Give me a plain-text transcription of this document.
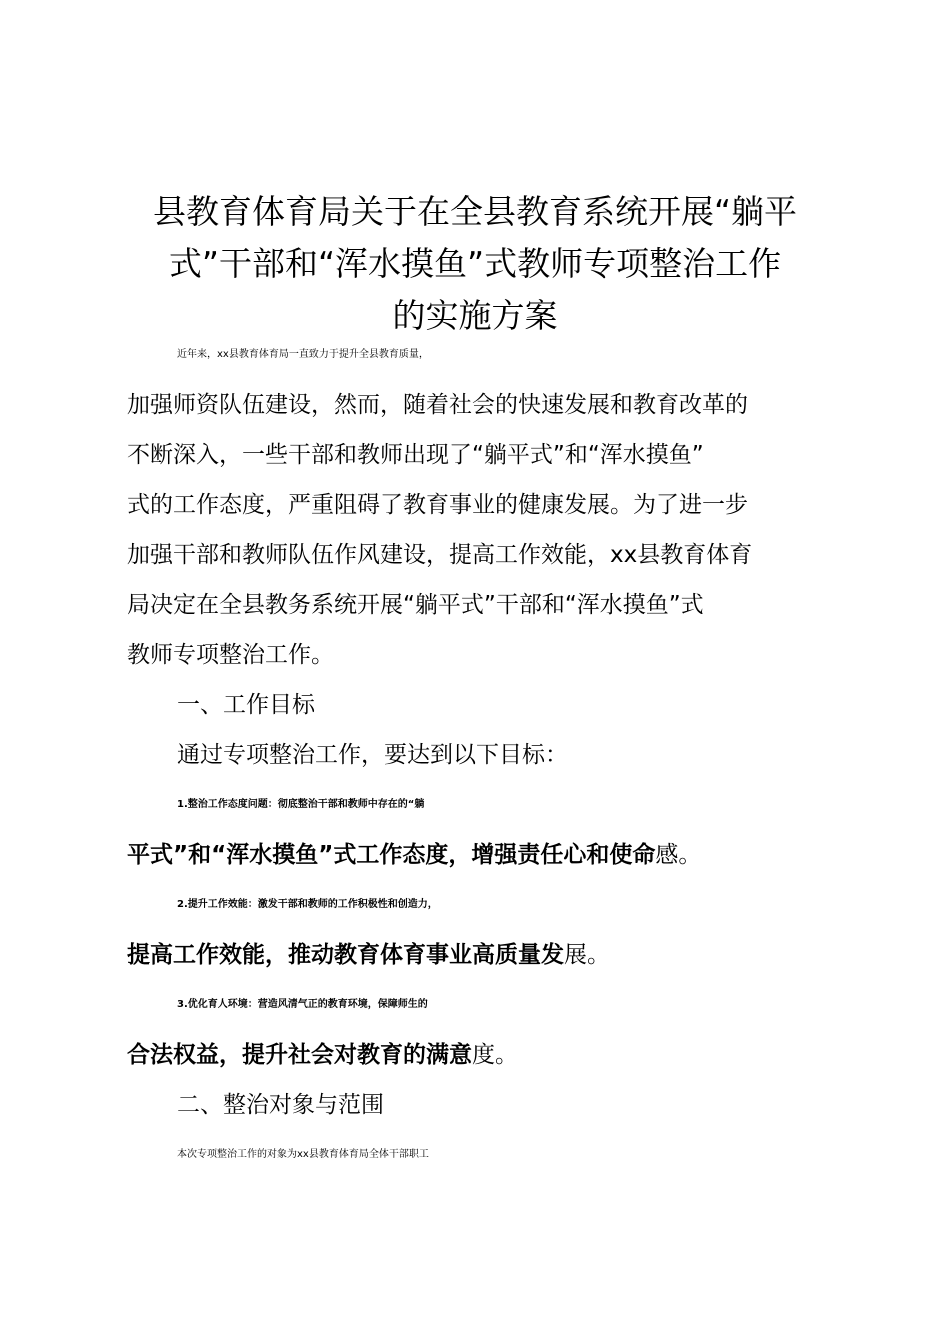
县教育体育局关于在全县教育系统开展“躺平
式”干部和“浑水摸鱼”式教师专项整治工作
的实施方案

近年来，xx县教育体育局一直致力于提升全县教育质量，
加强师资队伍建设，然而，随着社会的快速发展和教育改革的
不断深入，一些干部和教师出现了“躺平式”和“浑水摸鱼”
式的工作态度，严重阻碍了教育事业的健康发展。为了进一步
加强干部和教师队伍作风建设，提高工作效能，xx县教育体育
局决定在全县教务系统开展“躺平式”干部和“浑水摸鱼”式
教师专项整治工作。

一、工作目标

通过专项整治工作，要达到以下目标：

1.整治工作态度问题：彻底整治干部和教师中存在的“躺
平式”和“浑水摸鱼”式工作态度，增强责任心和使命感。

2.提升工作效能：激发干部和教师的工作积极性和创造力，
提高工作效能，推动教育体育事业高质量发展。

3.优化育人环境：营造风清气正的教育环境，保障师生的
合法权益，提升社会对教育的满意度。

二、整治对象与范围

本次专项整治工作的对象为xx县教育体育局全体干部职工
